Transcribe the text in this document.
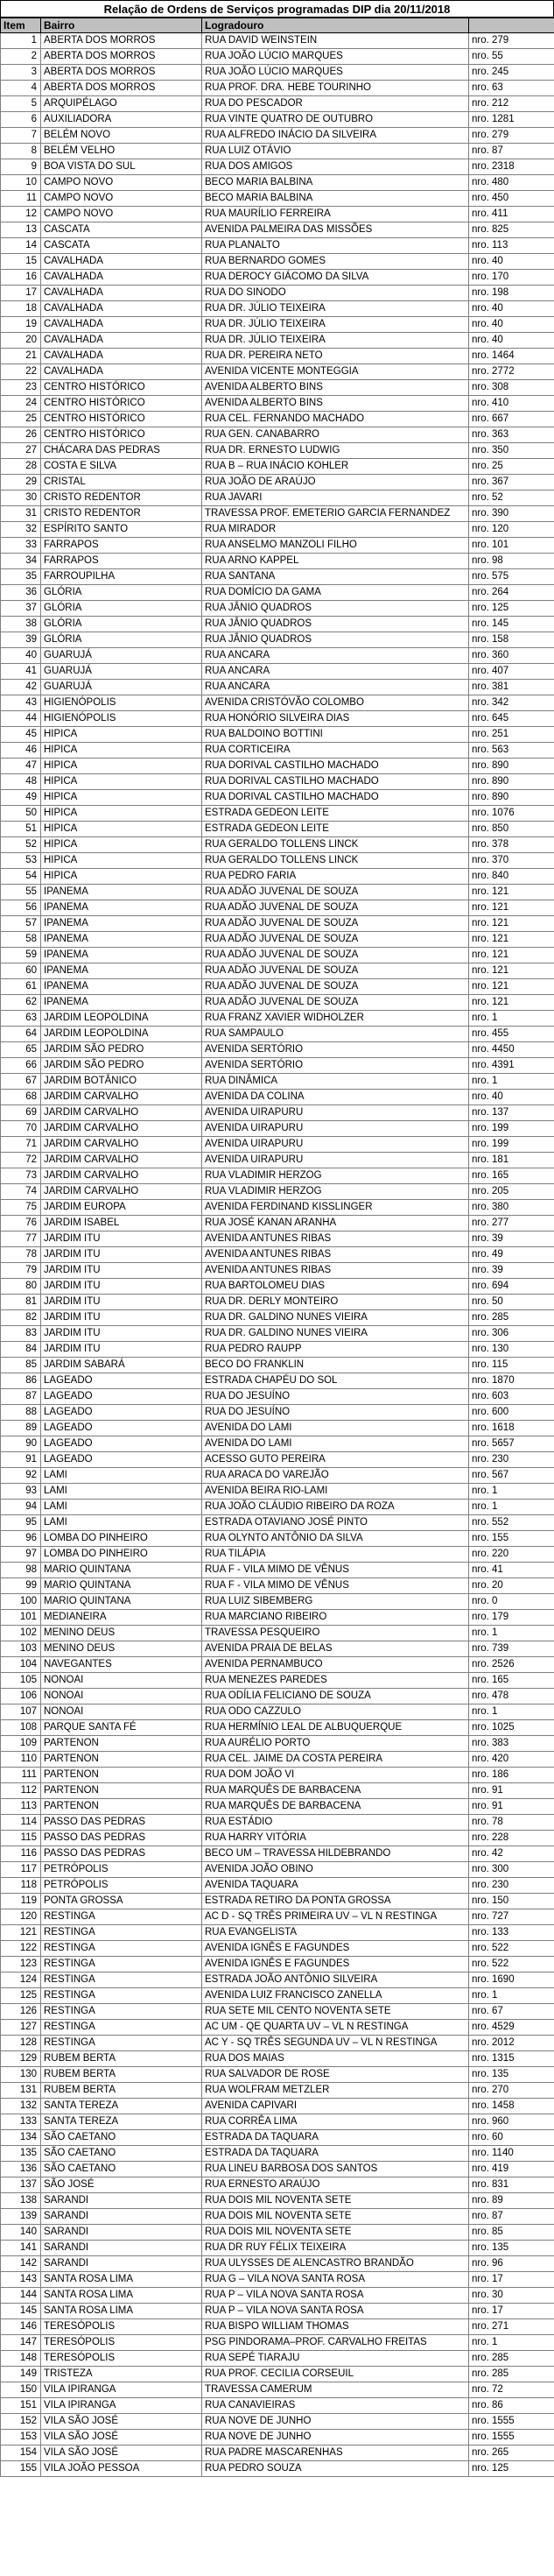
Relação de Ordens de Serviços programadas DIP dia 20/11/2018
Item	Bairro	Logradouro	
1	ABERTA DOS MORROS	RUA DAVID WEINSTEIN	nro. 279
2	ABERTA DOS MORROS	RUA JOÃO LÚCIO MARQUES	nro. 55
3	ABERTA DOS MORROS	RUA JOÃO LÚCIO MARQUES	nro. 245
4	ABERTA DOS MORROS	RUA PROF. DRA. HEBE TOURINHO	nro. 63
5	ARQUIPÉLAGO	RUA DO PESCADOR	nro. 212
6	AUXILIADORA	RUA VINTE QUATRO DE OUTUBRO	nro. 1281
7	BELÉM NOVO	RUA ALFREDO INÁCIO DA SILVEIRA	nro. 279
8	BELÉM VELHO	RUA LUIZ OTÁVIO	nro. 87
9	BOA VISTA DO SUL	RUA DOS AMIGOS	nro. 2318
10	CAMPO NOVO	BECO MARIA BALBINA	nro. 480
11	CAMPO NOVO	BECO MARIA BALBINA	nro. 450
12	CAMPO NOVO	RUA MAURÍLIO FERREIRA	nro. 411
13	CASCATA	AVENIDA PALMEIRA DAS MISSÕES	nro. 825
14	CASCATA	RUA PLANALTO	nro. 113
15	CAVALHADA	RUA BERNARDO GOMES	nro. 40
16	CAVALHADA	RUA DEROCY GIÁCOMO DA SILVA	nro. 170
17	CAVALHADA	RUA DO SINODO	nro. 198
18	CAVALHADA	RUA DR. JÚLIO TEIXEIRA	nro. 40
19	CAVALHADA	RUA DR. JÚLIO TEIXEIRA	nro. 40
20	CAVALHADA	RUA DR. JÚLIO TEIXEIRA	nro. 40
21	CAVALHADA	RUA DR. PEREIRA NETO	nro. 1464
22	CAVALHADA	AVENIDA VICENTE MONTEGGIA	nro. 2772
23	CENTRO HISTÓRICO	AVENIDA ALBERTO BINS	nro. 308
24	CENTRO HISTÓRICO	AVENIDA ALBERTO BINS	nro. 410
25	CENTRO HISTÓRICO	RUA CEL. FERNANDO MACHADO	nro. 667
26	CENTRO HISTÓRICO	RUA GEN. CANABARRO	nro. 363
27	CHÁCARA DAS PEDRAS	RUA DR. ERNESTO LUDWIG	nro. 350
28	COSTA E SILVA	RUA B – RUA INÁCIO KOHLER	nro. 25
29	CRISTAL	RUA JOÃO DE ARAÚJO	nro. 367
30	CRISTO REDENTOR	RUA JAVARI	nro. 52
31	CRISTO REDENTOR	TRAVESSA PROF. EMETERIO GARCIA FERNANDEZ	nro. 390
32	ESPÍRITO SANTO	RUA MIRADOR	nro. 120
33	FARRAPOS	RUA ANSELMO MANZOLI FILHO	nro. 101
34	FARRAPOS	RUA ARNO KAPPEL	nro. 98
35	FARROUPILHA	RUA SANTANA	nro. 575
36	GLÓRIA	RUA DOMÍCIO DA GAMA	nro. 264
37	GLÓRIA	RUA JÂNIO QUADROS	nro. 125
38	GLÓRIA	RUA JÂNIO QUADROS	nro. 145
39	GLÓRIA	RUA JÂNIO QUADROS	nro. 158
40	GUARUJÁ	RUA ANCARA	nro. 360
41	GUARUJÁ	RUA ANCARA	nro. 407
42	GUARUJÁ	RUA ANCARA	nro. 381
43	HIGIENÓPOLIS	AVENIDA CRISTÓVÃO COLOMBO	nro. 342
44	HIGIENÓPOLIS	RUA HONÓRIO SILVEIRA DIAS	nro. 645
45	HIPICA	RUA BALDOINO BOTTINI	nro. 251
46	HIPICA	RUA CORTICEIRA	nro. 563
47	HIPICA	RUA DORIVAL CASTILHO MACHADO	nro. 890
48	HIPICA	RUA DORIVAL CASTILHO MACHADO	nro. 890
49	HIPICA	RUA DORIVAL CASTILHO MACHADO	nro. 890
50	HIPICA	ESTRADA GEDEON LEITE	nro. 1076
51	HIPICA	ESTRADA GEDEON LEITE	nro. 850
52	HIPICA	RUA GERALDO TOLLENS LINCK	nro. 378
53	HIPICA	RUA GERALDO TOLLENS LINCK	nro. 370
54	HIPICA	RUA PEDRO FARIA	nro. 840
55	IPANEMA	RUA ADÃO JUVENAL DE SOUZA	nro. 121
56	IPANEMA	RUA ADÃO JUVENAL DE SOUZA	nro. 121
57	IPANEMA	RUA ADÃO JUVENAL DE SOUZA	nro. 121
58	IPANEMA	RUA ADÃO JUVENAL DE SOUZA	nro. 121
59	IPANEMA	RUA ADÃO JUVENAL DE SOUZA	nro. 121
60	IPANEMA	RUA ADÃO JUVENAL DE SOUZA	nro. 121
61	IPANEMA	RUA ADÃO JUVENAL DE SOUZA	nro. 121
62	IPANEMA	RUA ADÃO JUVENAL DE SOUZA	nro. 121
63	JARDIM LEOPOLDINA	RUA FRANZ XAVIER WIDHOLZER	nro. 1
64	JARDIM LEOPOLDINA	RUA SAMPAULO	nro. 455
65	JARDIM SÃO PEDRO	AVENIDA SERTÓRIO	nro. 4450
66	JARDIM SÃO PEDRO	AVENIDA SERTÓRIO	nro. 4391
67	JARDIM BOTÂNICO	RUA DINÂMICA	nro. 1
68	JARDIM CARVALHO	AVENIDA DA COLINA	nro. 40
69	JARDIM CARVALHO	AVENIDA UIRAPURU	nro. 137
70	JARDIM CARVALHO	AVENIDA UIRAPURU	nro. 199
71	JARDIM CARVALHO	AVENIDA UIRAPURU	nro. 199
72	JARDIM CARVALHO	AVENIDA UIRAPURU	nro. 181
73	JARDIM CARVALHO	RUA VLADIMIR HERZOG	nro. 165
74	JARDIM CARVALHO	RUA VLADIMIR HERZOG	nro. 205
75	JARDIM EUROPA	AVENIDA FERDINAND KISSLINGER	nro. 380
76	JARDIM ISABEL	RUA JOSÉ KANAN ARANHA	nro. 277
77	JARDIM ITU	AVENIDA ANTUNES RIBAS	nro. 39
78	JARDIM ITU	AVENIDA ANTUNES RIBAS	nro. 49
79	JARDIM ITU	AVENIDA ANTUNES RIBAS	nro. 39
80	JARDIM ITU	RUA BARTOLOMEU DIAS	nro. 694
81	JARDIM ITU	RUA DR. DERLY MONTEIRO	nro. 50
82	JARDIM ITU	RUA DR. GALDINO NUNES VIEIRA	nro. 285
83	JARDIM ITU	RUA DR. GALDINO NUNES VIEIRA	nro. 306
84	JARDIM ITU	RUA PEDRO RAUPP	nro. 130
85	JARDIM SABARÁ	BECO DO FRANKLIN	nro. 115
86	LAGEADO	ESTRADA CHAPÉU DO SOL	nro. 1870
87	LAGEADO	RUA DO JESUÍNO	nro. 603
88	LAGEADO	RUA DO JESUÍNO	nro. 600
89	LAGEADO	AVENIDA DO LAMI	nro. 1618
90	LAGEADO	AVENIDA DO LAMI	nro. 5657
91	LAGEADO	ACESSO GUTO PEREIRA	nro. 230
92	LAMI	RUA ARACA DO VAREJÃO	nro. 567
93	LAMI	AVENIDA BEIRA RIO-LAMI	nro. 1
94	LAMI	RUA JOÃO CLÁUDIO RIBEIRO DA ROZA	nro. 1
95	LAMI	ESTRADA OTAVIANO JOSÉ PINTO	nro. 552
96	LOMBA DO PINHEIRO	RUA OLYNTO ANTÔNIO DA SILVA	nro. 155
97	LOMBA DO PINHEIRO	RUA TILÁPIA	nro. 220
98	MARIO QUINTANA	RUA F - VILA MIMO DE VÊNUS	nro. 41
99	MARIO QUINTANA	RUA F - VILA MIMO DE VÊNUS	nro. 20
100	MARIO QUINTANA	RUA LUIZ SIBEMBERG	nro. 0
101	MEDIANEIRA	RUA MARCIANO RIBEIRO	nro. 179
102	MENINO DEUS	TRAVESSA PESQUEIRO	nro. 1
103	MENINO DEUS	AVENIDA PRAIA DE BELAS	nro. 739
104	NAVEGANTES	AVENIDA PERNAMBUCO	nro. 2526
105	NONOAI	RUA MENEZES PAREDES	nro. 165
106	NONOAI	RUA ODÍLIA FELICIANO DE SOUZA	nro. 478
107	NONOAI	RUA ODO CAZZULO	nro. 1
108	PARQUE SANTA FÉ	RUA HERMÍNIO LEAL DE ALBUQUERQUE	nro. 1025
109	PARTENON	RUA AURÉLIO PORTO	nro. 383
110	PARTENON	RUA CEL. JAIME DA COSTA PEREIRA	nro. 420
111	PARTENON	RUA DOM JOÃO VI	nro. 186
112	PARTENON	RUA MARQUÊS DE BARBACENA	nro. 91
113	PARTENON	RUA MARQUÊS DE BARBACENA	nro. 91
114	PASSO DAS PEDRAS	RUA ESTÁDIO	nro. 78
115	PASSO DAS PEDRAS	RUA HARRY VITÓRIA	nro. 228
116	PASSO DAS PEDRAS	BECO UM – TRAVESSA HILDEBRANDO	nro. 42
117	PETRÓPOLIS	AVENIDA JOÃO OBINO	nro. 300
118	PETRÓPOLIS	AVENIDA TAQUARA	nro. 230
119	PONTA GROSSA	ESTRADA RETIRO DA PONTA GROSSA	nro. 150
120	RESTINGA	AC D - SQ TRÊS PRIMEIRA UV – VL N RESTINGA	nro. 727
121	RESTINGA	RUA EVANGELISTA	nro. 133
122	RESTINGA	AVENIDA IGNÊS E FAGUNDES	nro. 522
123	RESTINGA	AVENIDA IGNÊS E FAGUNDES	nro. 522
124	RESTINGA	ESTRADA JOÃO ANTÔNIO SILVEIRA	nro. 1690
125	RESTINGA	AVENIDA LUIZ FRANCISCO ZANELLA	nro. 1
126	RESTINGA	RUA SETE MIL CENTO NOVENTA SETE	nro. 67
127	RESTINGA	AC UM - QE QUARTA UV – VL N RESTINGA	nro. 4529
128	RESTINGA	AC Y - SQ TRÊS SEGUNDA UV – VL N RESTINGA	nro. 2012
129	RUBEM BERTA	RUA DOS MAIAS	nro. 1315
130	RUBEM BERTA	RUA SALVADOR DE ROSE	nro. 135
131	RUBEM BERTA	RUA WOLFRAM METZLER	nro. 270
132	SANTA TEREZA	AVENIDA CAPIVARI	nro. 1458
133	SANTA TEREZA	RUA CORRÊA LIMA	nro. 960
134	SÃO CAETANO	ESTRADA DA TAQUARA	nro. 60
135	SÃO CAETANO	ESTRADA DA TAQUARA	nro. 1140
136	SÃO CAETANO	RUA LINEU BARBOSA DOS SANTOS	nro. 419
137	SÃO JOSÉ	RUA ERNESTO ARAÚJO	nro. 831
138	SARANDI	RUA DOIS MIL NOVENTA SETE	nro. 89
139	SARANDI	RUA DOIS MIL NOVENTA SETE	nro. 87
140	SARANDI	RUA DOIS MIL NOVENTA SETE	nro. 85
141	SARANDI	RUA DR RUY FÉLIX TEIXEIRA	nro. 135
142	SARANDI	RUA ULYSSES DE ALENCASTRO BRANDÃO	nro. 96
143	SANTA ROSA LIMA	RUA G – VILA NOVA SANTA ROSA	nro. 17
144	SANTA ROSA LIMA	RUA P – VILA NOVA SANTA ROSA	nro. 30
145	SANTA ROSA LIMA	RUA P – VILA NOVA SANTA ROSA	nro. 17
146	TERESÓPOLIS	RUA BISPO WILLIAM THOMAS	nro. 271
147	TERESÓPOLIS	PSG PINDORAMA–PROF. CARVALHO FREITAS	nro. 1
148	TERESÓPOLIS	RUA SEPÉ TIARAJU	nro. 285
149	TRISTEZA	RUA PROF. CECILIA CORSEUIL	nro. 285
150	VILA IPIRANGA	TRAVESSA CAMERUM	nro. 72
151	VILA IPIRANGA	RUA CANAVIEIRAS	nro. 86
152	VILA SÃO JOSÉ	RUA NOVE DE JUNHO	nro. 1555
153	VILA SÃO JOSÉ	RUA NOVE DE JUNHO	nro. 1555
154	VILA SÃO JOSÉ	RUA PADRE MASCARENHAS	nro. 265
155	VILA JOÃO PESSOA	RUA PEDRO SOUZA	nro. 125
